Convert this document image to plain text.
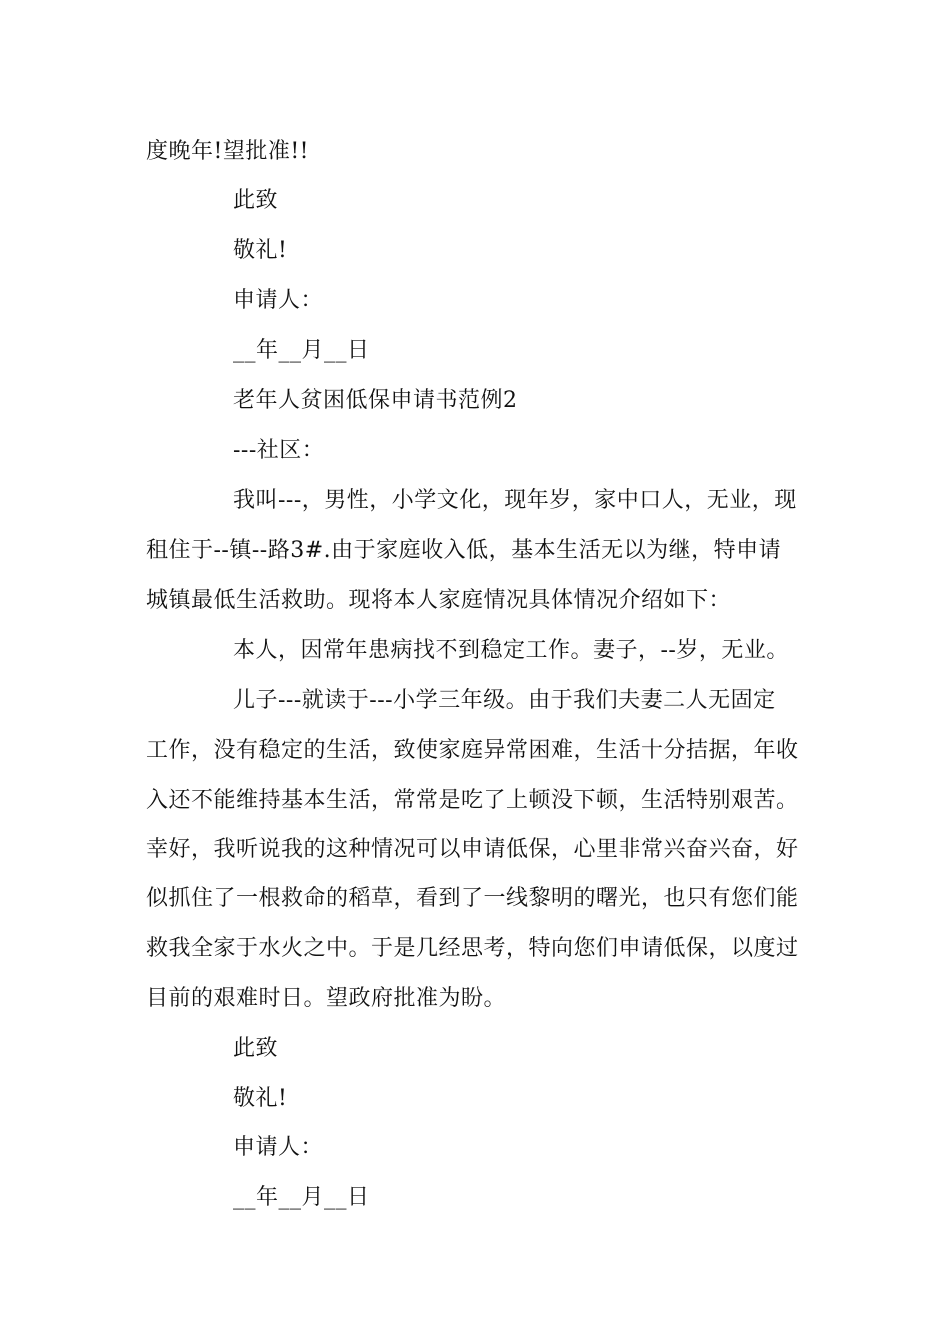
度晚年!望批准!!
此致
敬礼!
申请人：
__年__月__日
老年人贫困低保申请书范例2
---社区：
我叫---，男性，小学文化，现年岁，家中口人，无业，现
租住于--镇--路3#.由于家庭收入低，基本生活无以为继，特申请
城镇最低生活救助。现将本人家庭情况具体情况介绍如下：
本人，因常年患病找不到稳定工作。妻子，--岁，无业。
儿子---就读于---小学三年级。由于我们夫妻二人无固定
工作，没有稳定的生活，致使家庭异常困难，生活十分拮据，年收
入还不能维持基本生活，常常是吃了上顿没下顿，生活特别艰苦。
幸好，我听说我的这种情况可以申请低保，心里非常兴奋兴奋，好
似抓住了一根救命的稻草，看到了一线黎明的曙光，也只有您们能
救我全家于水火之中。于是几经思考，特向您们申请低保，以度过
目前的艰难时日。望政府批准为盼。
此致
敬礼!
申请人：
__年__月__日
